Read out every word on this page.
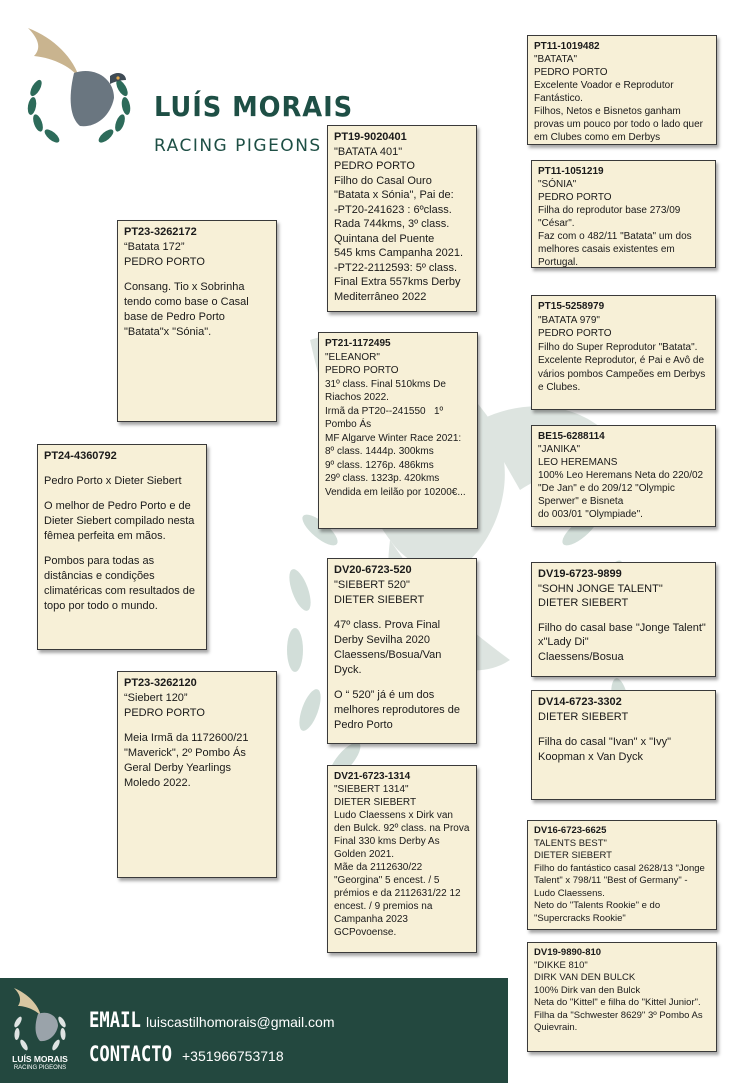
LUÍS MORAIS
RACING PIGEONS
PT11-1019482
"BATATA"
PEDRO PORTO
Excelente Voador e Reprodutor Fantástico.
Filhos, Netos e Bisnetos ganham provas um pouco por todo o lado quer em Clubes como em Derbys
PT19-9020401
"BATATA 401"
PEDRO PORTO
Filho do Casal Ouro
"Batata x Sónia", Pai de:
-PT20-241623 : 6ºclass.
Rada 744kms, 3º class.
Quintana del Puente
545 kms Campanha 2021.
-PT22-2112593: 5º class.
Final Extra 557kms Derby
Mediterrâneo 2022
PT11-1051219
"SÓNIA"
PEDRO PORTO
Filha do reprodutor base 273/09 "César".
Faz com o 482/11 "Batata" um dos melhores casais existentes em Portugal.
PT23-3262172
“Batata 172”
PEDRO PORTO
Consang. Tio x Sobrinha tendo como base o Casal base de Pedro Porto "Batata"x "Sónia".
PT15-5258979
"BATATA 979"
PEDRO PORTO
Filho do Super Reprodutor "Batata".
Excelente Reprodutor, é Pai e Avô de vários pombos Campeões em Derbys e Clubes.
PT21-1172495
"ELEANOR"
PEDRO PORTO
31º class. Final 510kms De Riachos 2022.
Irmã da PT20--241550   1º Pombo Ás
MF Algarve Winter Race 2021:
8º class. 1444p. 300kms
9º class. 1276p. 486kms
29º class. 1323p. 420kms
Vendida em leilão por 10200€...
BE15-6288114
"JANIKA"
LEO HEREMANS
100% Leo Heremans Neta do 220/02 "De Jan" e do 209/12 "Olympic Sperwer" e Bisneta
do 003/01 "Olympiade".
PT24-4360792
Pedro Porto x Dieter Siebert
O melhor de Pedro Porto e de Dieter Siebert compilado nesta fêmea perfeita em mãos.
Pombos para todas as distâncias e condições climatéricas com resultados de topo por todo o mundo.
DV20-6723-520
"SIEBERT 520"
DIETER SIEBERT
47º class. Prova Final Derby Sevilha 2020 Claessens/Bosua/Van Dyck.
O “ 520” já é um dos melhores reprodutores de Pedro Porto
DV19-6723-9899
"SOHN JONGE TALENT"
DIETER SIEBERT
Filho do casal base "Jonge Talent" x"Lady Di"
Claessens/Bosua
PT23-3262120
“Siebert 120”
PEDRO PORTO
Meia Irmã da 1172600/21 "Maverick", 2º Pombo Ás Geral Derby Yearlings Moledo 2022.
DV14-6723-3302
DIETER SIEBERT
Filha do casal "Ivan" x "Ivy"
Koopman x Van Dyck
DV21-6723-1314
"SIEBERT 1314"
DIETER SIEBERT
Ludo Claessens x Dirk van den Bulck. 92º class. na Prova Final 330 kms Derby As Golden 2021.
Mãe da 2112630/22 "Georgina" 5 encest. / 5 prémios e da 2112631/22 12 encest. / 9 premios na Campanha 2023 GCPovoense.
DV16-6723-6625
TALENTS BEST"
DIETER SIEBERT
Filho do fantástico casal 2628/13 "Jonge Talent" x 798/11 "Best of Germany" - Ludo Claessens.
Neto do "Talents Rookie" e do "Supercracks Rookie"
DV19-9890-810
"DIKKE 810"
DIRK VAN DEN BULCK
100% Dirk van den Bulck
Neta do "Kittel" e filha do "Kittel Junior".
Filha da "Schwester 8629" 3º Pombo As Quievrain.
LUÍS MORAIS
RACING PIGEONS
EMAIL luiscastilhomorais@gmail.com
CONTACTO +351966753718
